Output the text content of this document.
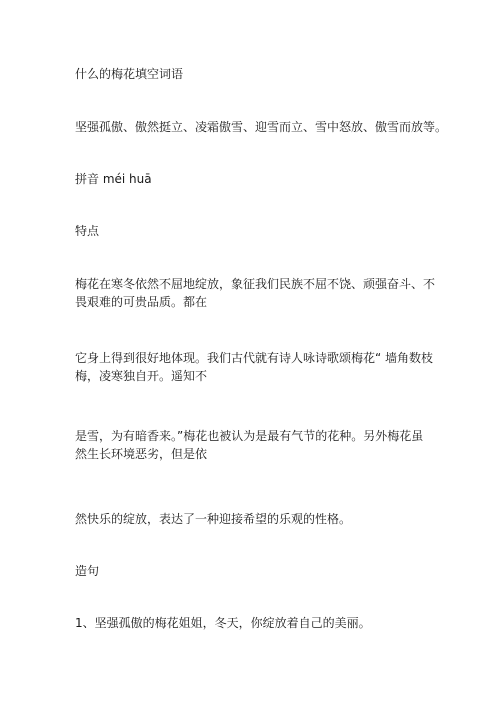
什么的梅花填空词语
坚强孤傲、傲然挺立、凌霜傲雪、迎雪而立、雪中怒放、傲雪而放等。
拼音 méi huā
特点
梅花在寒冬依然不屈地绽放，象征我们民族不屈不饶、顽强奋斗、不畏艰难的可贵品质。都在
它身上得到很好地体现。我们古代就有诗人咏诗歌颂梅花“ 墙角数枝梅，凌寒独自开。遥知不
是雪，为有暗香来。”梅花也被认为是最有气节的花种。另外梅花虽然生长环境恶劣，但是依
然快乐的绽放，表达了一种迎接希望的乐观的性格。
造句
1、坚强孤傲的梅花姐姐，冬天，你绽放着自己的美丽。
